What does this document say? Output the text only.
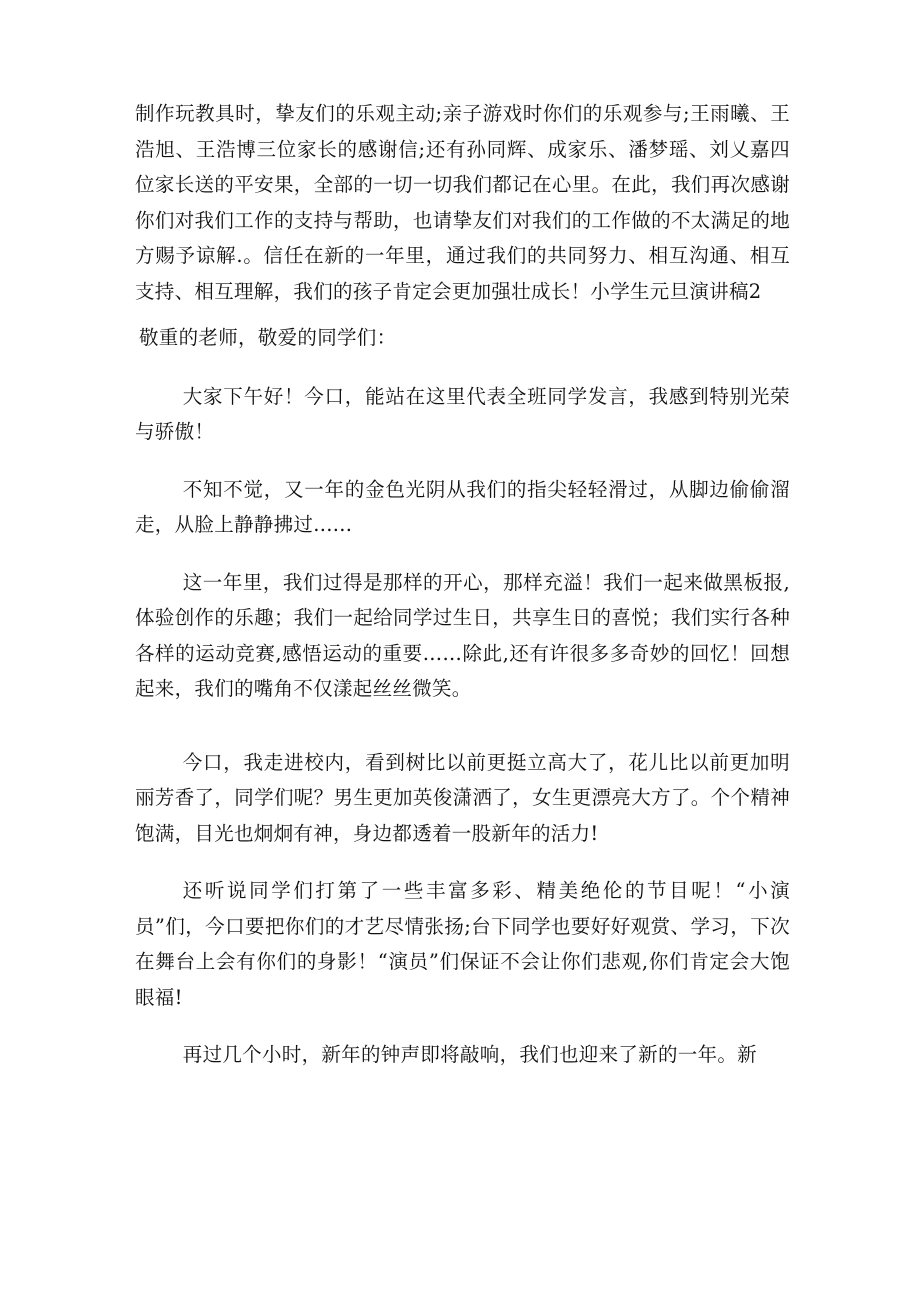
制作玩教具时，挚友们的乐观主动;亲子游戏时你们的乐观参与;王雨曦、王浩旭、王浩博三位家长的感谢信;还有孙同辉、成家乐、潘梦瑶、刘乂嘉四位家长送的平安果，全部的一切一切我们都记在心里。在此，我们再次感谢你们对我们工作的支持与帮助，也请挚友们对我们的工作做的不太满足的地方赐予谅解.。信任在新的一年里，通过我们的共同努力、相互沟通、相互支持、相互理解，我们的孩子肯定会更加强壮成长！小学生元旦演讲稿2

敬重的老师，敬爱的同学们：

大家下午好！今口，能站在这里代表全班同学发言，我感到特别光荣与骄傲！

不知不觉，又一年的金色光阴从我们的指尖轻轻滑过，从脚边偷偷溜走，从脸上静静拂过......

这一年里，我们过得是那样的开心，那样充溢！我们一起来做黑板报,体验创作的乐趣；我们一起给同学过生日，共享生日的喜悦；我们实行各种各样的运动竞赛,感悟运动的重要……除此,还有许很多多奇妙的回忆！回想起来，我们的嘴角不仅漾起丝丝微笑。

今口，我走进校内，看到树比以前更挺立高大了，花儿比以前更加明丽芳香了，同学们呢？男生更加英俊潇洒了，女生更漂亮大方了。个个精神饱满，目光也炯炯有神，身边都透着一股新年的活力!

还听说同学们打第了一些丰富多彩、精美绝伦的节目呢！“小演员”们，今口要把你们的才艺尽情张扬;台下同学也要好好观赏、学习，下次在舞台上会有你们的身影！“演员”们保证不会让你们悲观,你们肯定会大饱眼福!

再过几个小时，新年的钟声即将敲响，我们也迎来了新的一年。新
